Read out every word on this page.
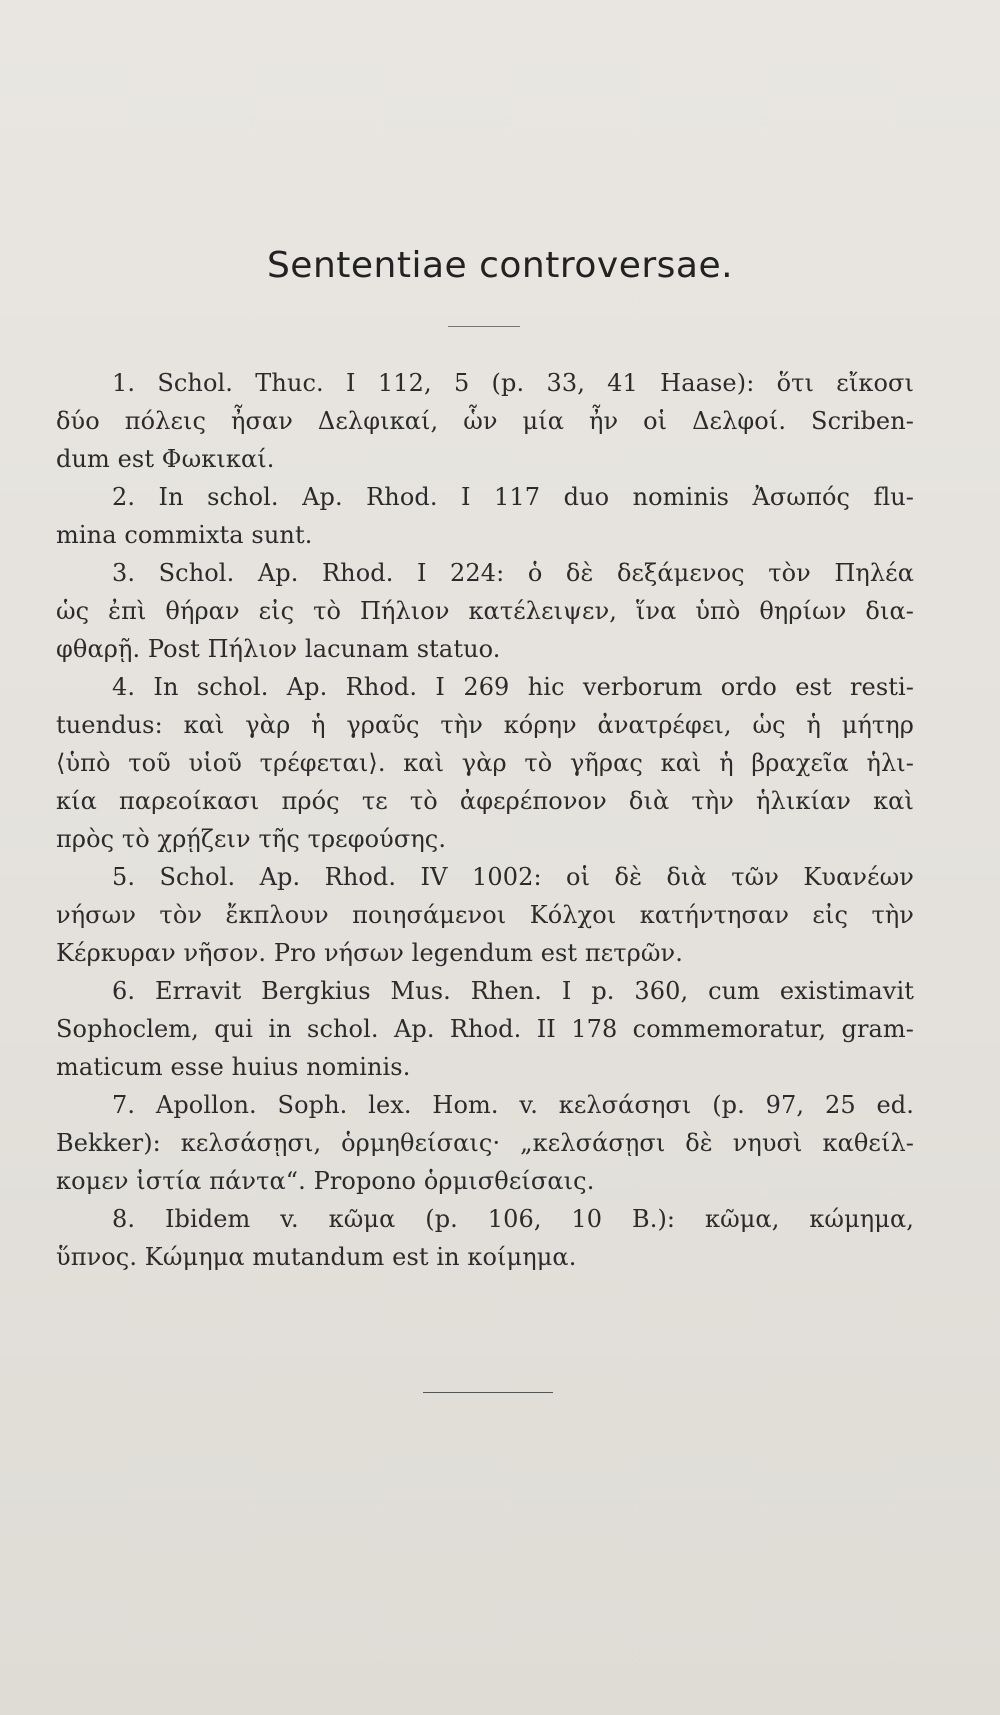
Sententiae controversae.
1. Schol. Thuc. I 112, 5 (p. 33, 41 Haase): ὅτι εἴκοσι
δύο πόλεις ἦσαν Δελφικαί, ὧν μία ἦν οἱ Δελφοί. Scriben-
dum est Φωκικαί.
2. In schol. Ap. Rhod. I 117 duo nominis Ἀσωπός flu-
mina commixta sunt.
3. Schol. Ap. Rhod. I 224: ὁ δὲ δεξάμενος τὸν Πηλέα
ὡς ἐπὶ θήραν εἰς τὸ Πήλιον κατέλειψεν, ἵνα ὑπὸ θηρίων δια-
φθαρῇ. Post Πήλιον lacunam statuo.
4. In schol. Ap. Rhod. I 269 hic verborum ordo est resti-
tuendus: καὶ γὰρ ἡ γραῦς τὴν κόρην ἀνατρέφει, ὡς ἡ μήτηρ
⟨ὑπὸ τοῦ υἱοῦ τρέφεται⟩. καὶ γὰρ τὸ γῆρας καὶ ἡ βραχεῖα ἡλι-
κία παρεοίκασι πρός τε τὸ ἀφερέπονον διὰ τὴν ἡλικίαν καὶ
πρὸς τὸ χρῄζειν τῆς τρεφούσης.
5. Schol. Ap. Rhod. IV 1002: οἱ δὲ διὰ τῶν Κυανέων
νήσων τὸν ἔκπλουν ποιησάμενοι Κόλχοι κατήντησαν εἰς τὴν
Κέρκυραν νῆσον. Pro νήσων legendum est πετρῶν.
6. Erravit Bergkius Mus. Rhen. I p. 360, cum existimavit
Sophoclem, qui in schol. Ap. Rhod. II 178 commemoratur, gram-
maticum esse huius nominis.
7. Apollon. Soph. lex. Hom. v. κελσάσησι (p. 97, 25 ed.
Bekker): κελσάσῃσι, ὁρμηθείσαις· „κελσάσῃσι δὲ νηυσὶ καθείλ-
κομεν ἱστία πάντα“. Propono ὁρμισθείσαις.
8. Ibidem v. κῶμα (p. 106, 10 B.): κῶμα, κώμημα,
ὕπνος. Κώμημα mutandum est in κοίμημα.
